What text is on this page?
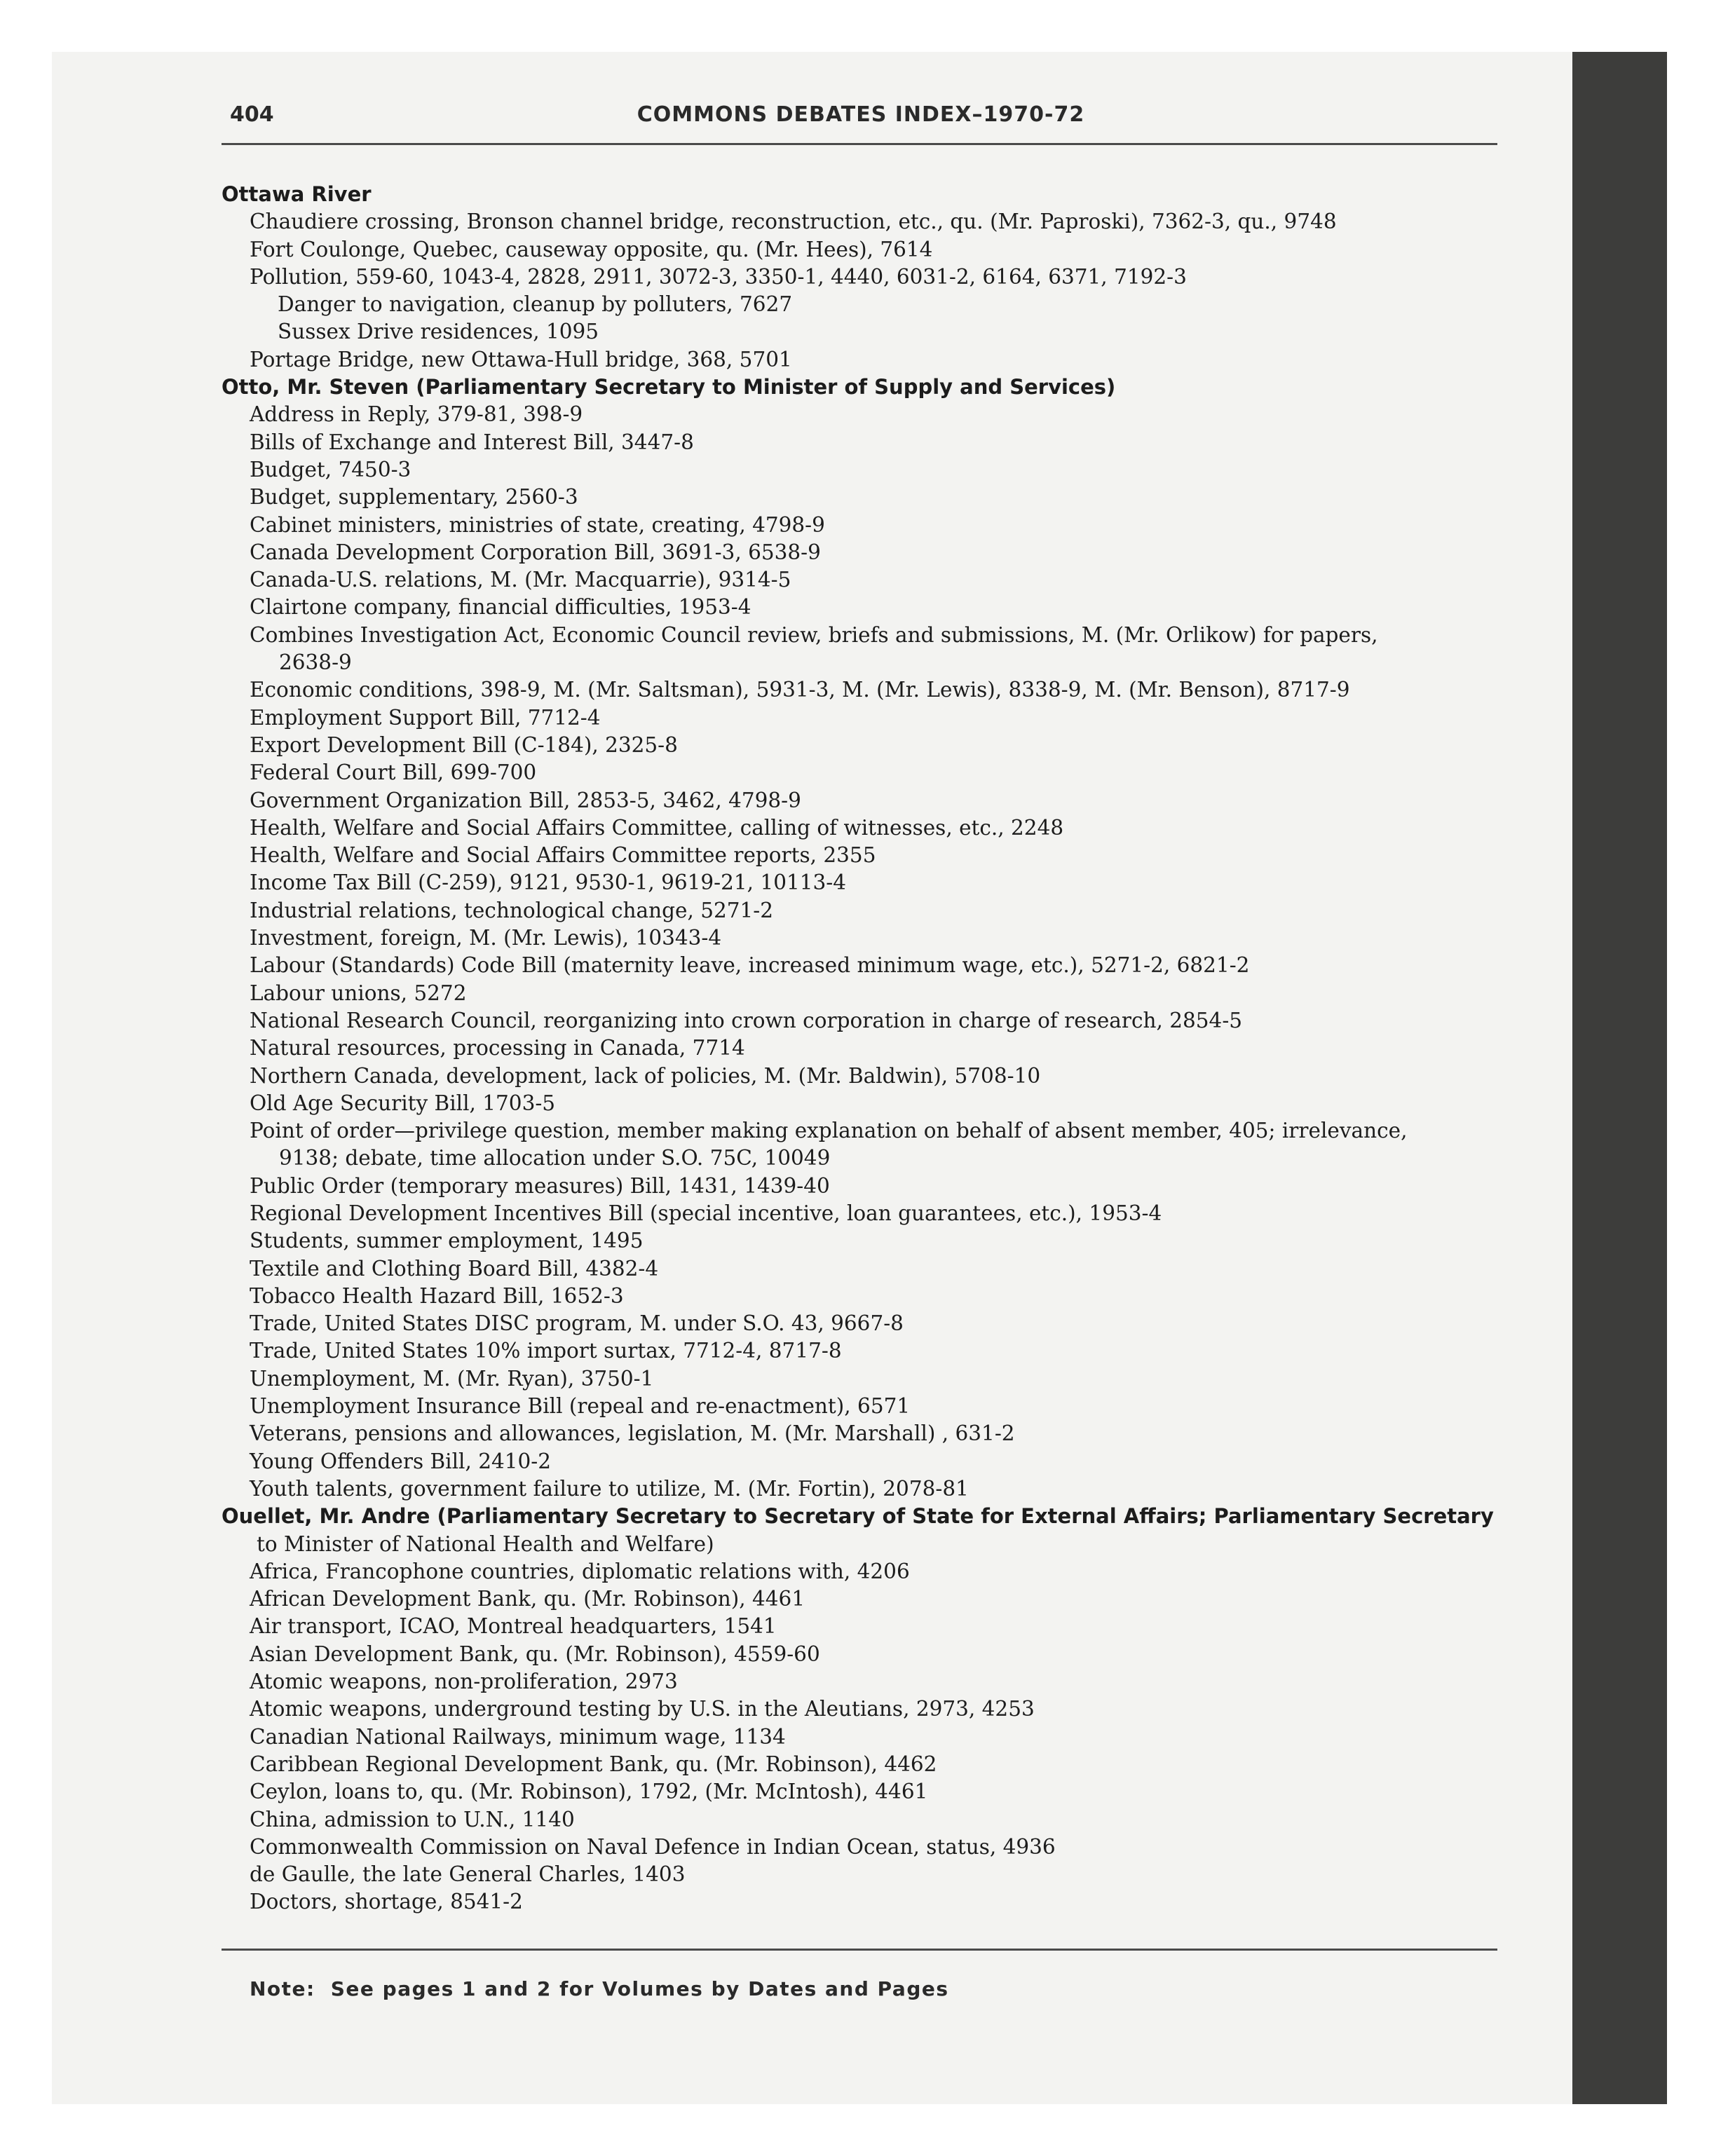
404	COMMONS DEBATES INDEX–1970-72
Ottawa River
Chaudiere crossing, Bronson channel bridge, reconstruction, etc., qu. (Mr. Paproski), 7362-3, qu., 9748
Fort Coulonge, Quebec, causeway opposite, qu. (Mr. Hees), 7614
Pollution, 559-60, 1043-4, 2828, 2911, 3072-3, 3350-1, 4440, 6031-2, 6164, 6371, 7192-3
Danger to navigation, cleanup by polluters, 7627
Sussex Drive residences, 1095
Portage Bridge, new Ottawa-Hull bridge, 368, 5701
Otto, Mr. Steven (Parliamentary Secretary to Minister of Supply and Services)
Address in Reply, 379-81, 398-9
Bills of Exchange and Interest Bill, 3447-8
Budget, 7450-3
Budget, supplementary, 2560-3
Cabinet ministers, ministries of state, creating, 4798-9
Canada Development Corporation Bill, 3691-3, 6538-9
Canada-U.S. relations, M. (Mr. Macquarrie), 9314-5
Clairtone company, financial difficulties, 1953-4
Combines Investigation Act, Economic Council review, briefs and submissions, M. (Mr. Orlikow) for papers,
2638-9
Economic conditions, 398-9, M. (Mr. Saltsman), 5931-3, M. (Mr. Lewis), 8338-9, M. (Mr. Benson), 8717-9
Employment Support Bill, 7712-4
Export Development Bill (C-184), 2325-8
Federal Court Bill, 699-700
Government Organization Bill, 2853-5, 3462, 4798-9
Health, Welfare and Social Affairs Committee, calling of witnesses, etc., 2248
Health, Welfare and Social Affairs Committee reports, 2355
Income Tax Bill (C-259), 9121, 9530-1, 9619-21, 10113-4
Industrial relations, technological change, 5271-2
Investment, foreign, M. (Mr. Lewis), 10343-4
Labour (Standards) Code Bill (maternity leave, increased minimum wage, etc.), 5271-2, 6821-2
Labour unions, 5272
National Research Council, reorganizing into crown corporation in charge of research, 2854-5
Natural resources, processing in Canada, 7714
Northern Canada, development, lack of policies, M. (Mr. Baldwin), 5708-10
Old Age Security Bill, 1703-5
Point of order—privilege question, member making explanation on behalf of absent member, 405; irrelevance,
9138; debate, time allocation under S.O. 75C, 10049
Public Order (temporary measures) Bill, 1431, 1439-40
Regional Development Incentives Bill (special incentive, loan guarantees, etc.), 1953-4
Students, summer employment, 1495
Textile and Clothing Board Bill, 4382-4
Tobacco Health Hazard Bill, 1652-3
Trade, United States DISC program, M. under S.O. 43, 9667-8
Trade, United States 10% import surtax, 7712-4, 8717-8
Unemployment, M. (Mr. Ryan), 3750-1
Unemployment Insurance Bill (repeal and re-enactment), 6571
Veterans, pensions and allowances, legislation, M. (Mr. Marshall) , 631-2
Young Offenders Bill, 2410-2
Youth talents, government failure to utilize, M. (Mr. Fortin), 2078-81
Ouellet, Mr. Andre (Parliamentary Secretary to Secretary of State for External Affairs; Parliamentary Secretary
to Minister of National Health and Welfare)
Africa, Francophone countries, diplomatic relations with, 4206
African Development Bank, qu. (Mr. Robinson), 4461
Air transport, ICAO, Montreal headquarters, 1541
Asian Development Bank, qu. (Mr. Robinson), 4559-60
Atomic weapons, non-proliferation, 2973
Atomic weapons, underground testing by U.S. in the Aleutians, 2973, 4253
Canadian National Railways, minimum wage, 1134
Caribbean Regional Development Bank, qu. (Mr. Robinson), 4462
Ceylon, loans to, qu. (Mr. Robinson), 1792, (Mr. McIntosh), 4461
China, admission to U.N., 1140
Commonwealth Commission on Naval Defence in Indian Ocean, status, 4936
de Gaulle, the late General Charles, 1403
Doctors, shortage, 8541-2
Note: See pages 1 and 2 for Volumes by Dates and Pages
